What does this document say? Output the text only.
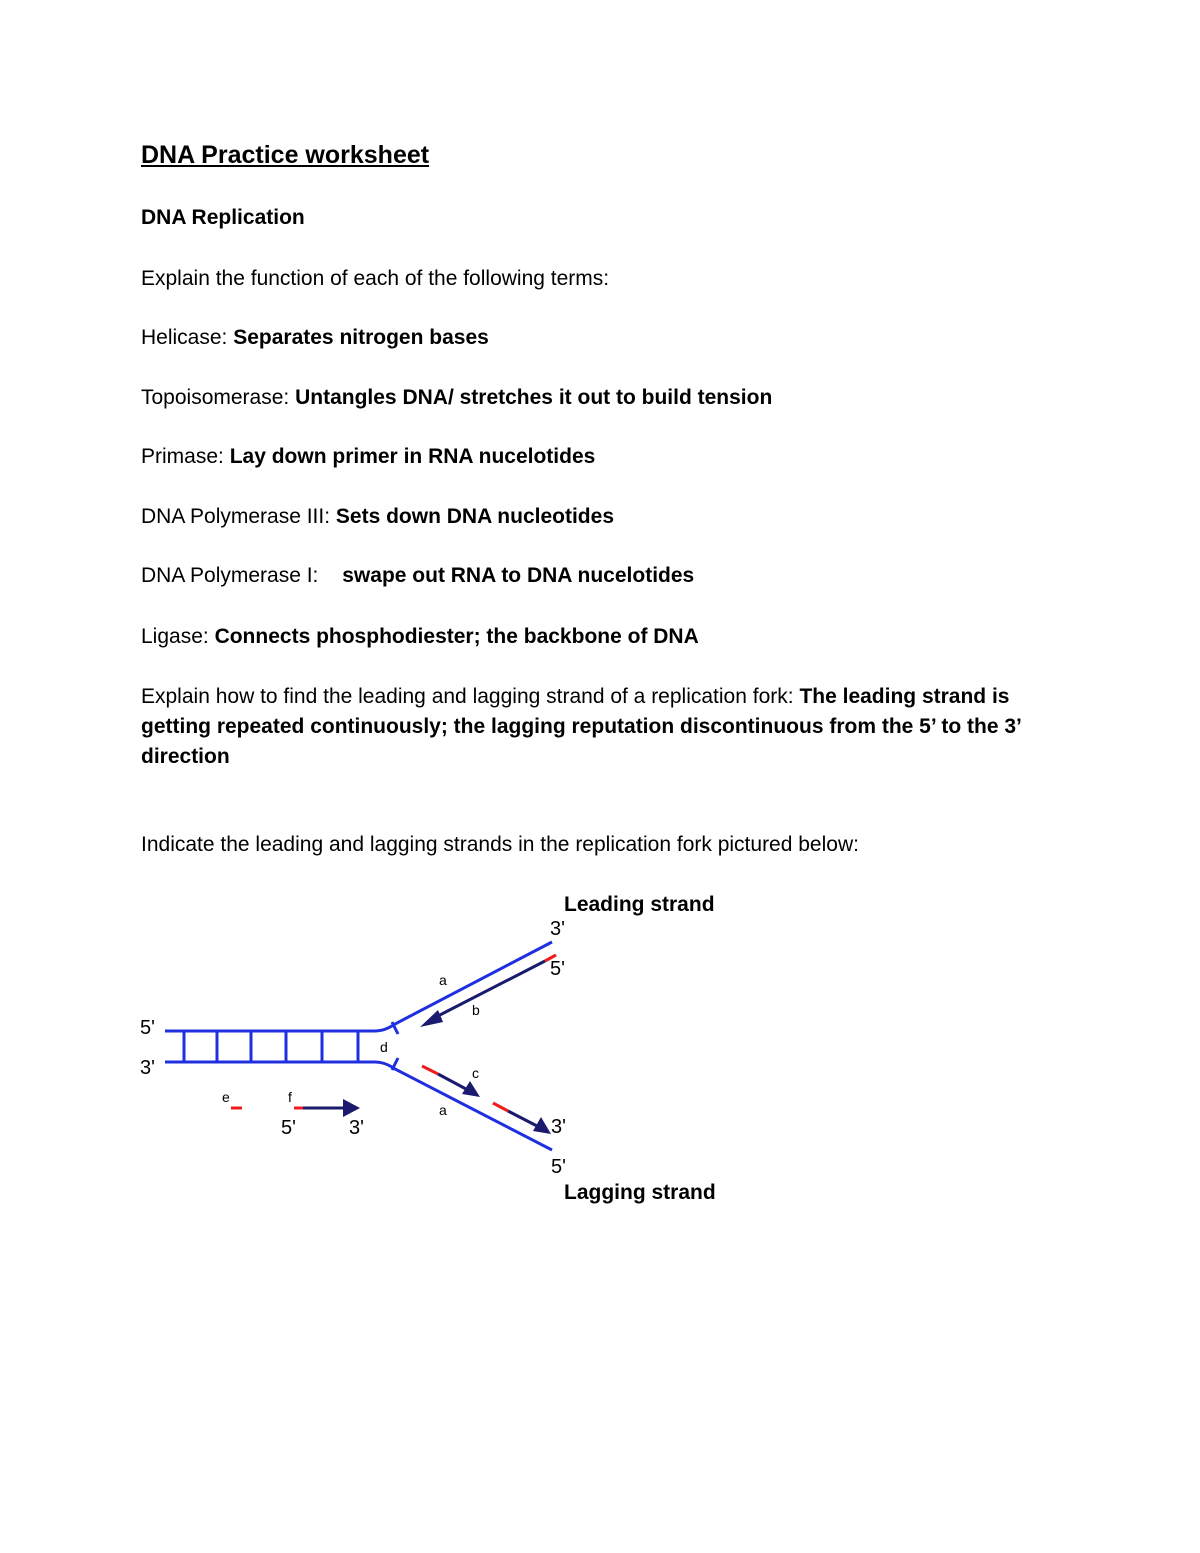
DNA Practice worksheet
DNA Replication
Explain the function of each of the following terms:
Helicase: Separates nitrogen bases
Topoisomerase: Untangles DNA/ stretches it out to build tension
Primase: Lay down primer in RNA nucelotides
DNA Polymerase III: Sets down DNA nucleotides
DNA Polymerase I: swape out RNA to DNA nucelotides
Ligase: Connects phosphodiester; the backbone of DNA
Explain how to find the leading and lagging strand of a replication fork: The leading strand is getting repeated continuously; the lagging reputation discontinuous from the 5’ to the 3’ direction
Indicate the leading and lagging strands in the replication fork pictured below:
Leading strand
Lagging strand
3'
5'
5'
3'
3'
5'
5'	3'
a
b
d
c
a
e	f
